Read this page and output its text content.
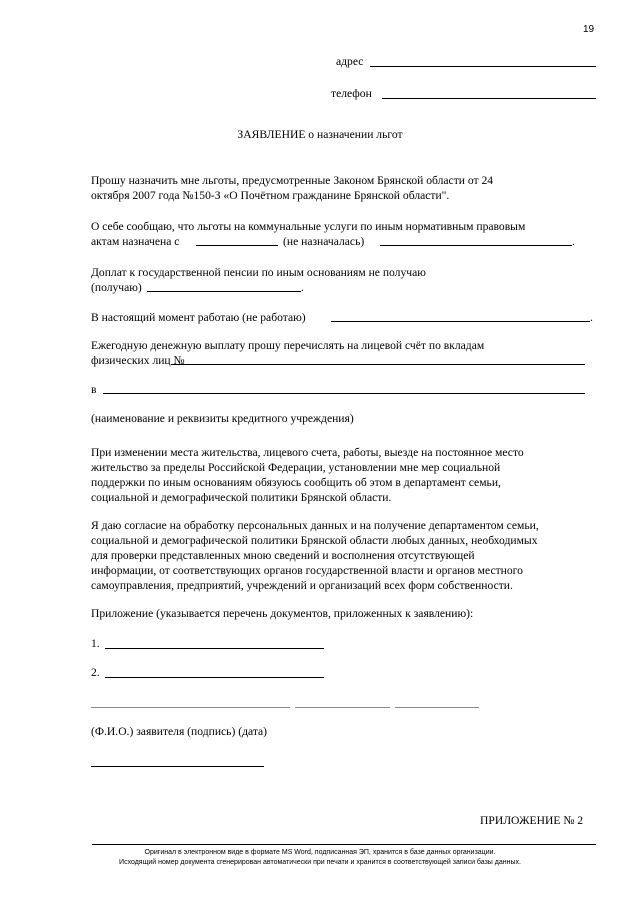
19
адрес
телефон
ЗАЯВЛЕНИЕ о назначении льгот
Прошу назначить мне льготы, предусмотренные Законом Брянской области от 24
октября 2007 года №150-З «О Почётном гражданине Брянской области".
О себе сообщаю, что льготы на коммунальные услуги по иным нормативным правовым
актам назначена с	(не назначалась)	.
Доплат к государственной пенсии по иным основаниям не получаю
(получаю)	.
В настоящий момент работаю (не работаю)	.
Ежегодную денежную выплату прошу перечислять на лицевой счёт по вкладам
физических лиц №
в
(наименование и реквизиты кредитного учреждения)
При изменении места жительства, лицевого счета, работы, выезде на постоянное место
жительство за пределы Российской Федерации, установлении мне мер социальной
поддержки по иным основаниям обязуюсь сообщить об этом в департамент семьи,
социальной и демографической политики Брянской области.
Я даю согласие на обработку персональных данных и на получение департаментом семьи,
социальной и демографической политики Брянской области любых данных, необходимых
для проверки представленных мною сведений и восполнения отсутствующей
информации, от соответствующих органов государственной власти и органов местного
самоуправления, предприятий, учреждений и организаций всех форм собственности.
Приложение (указывается перечень документов, приложенных к заявлению):
1.
2.
(Ф.И.О.) заявителя (подпись) (дата)
ПРИЛОЖЕНИЕ № 2
Оригинал в электронном виде в формате MS Word, подписанная ЭП, хранится в базе данных организации.
Исходящий номер документа сгенерирован автоматически при печати и хранится в соответствующей записи базы данных.
